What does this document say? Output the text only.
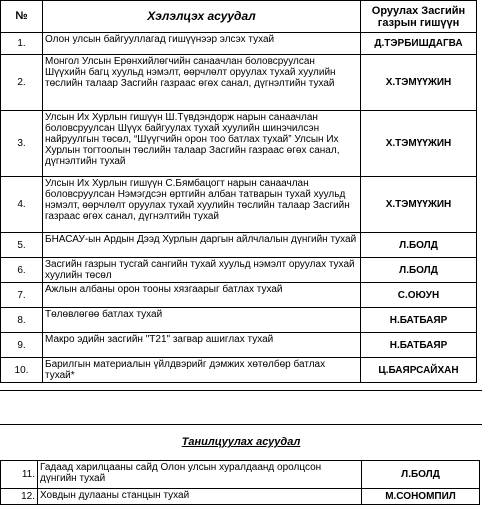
№	Хэлэлцэх асуудал	Оруулах Засгийн газрын гишүүн
1.	Олон улсын байгууллагад гишүүнээр элсэх тухай	Д.ТЭРБИШДАГВА
2.	Монгол Улсын Ерөнхийлөгчийн санаачлан боловсруулсан Шүүхийн багц хуульд нэмэлт, өөрчлөлт оруулах тухай хуулийн төслийн талаар Засгийн газраас өгөх санал, дүгнэлтийн тухай	Х.ТЭМҮҮЖИН
3.	Улсын Их Хурлын гишүүн Ш.Түвдэндорж нарын санаачлан боловсруулсан Шүүх байгуулах тухай хуулийн шинэчилсэн найруулгын төсөл, “Шүүгчийн орон тоо батлах тухай” Улсын Их Хурлын тогтоолын төслийн талаар Засгийн газраас өгөх санал, дүгнэлтийн тухай	Х.ТЭМҮҮЖИН
4.	Улсын Их Хурлын гишүүн С.Бямбацогт нарын санаачлан боловсруулсан Нэмэгдсэн өртгийн албан татварын тухай хуульд нэмэлт, өөрчлөлт оруулах тухай хуулийн төслийн талаар Засгийн газраас өгөх санал, дүгнэлтийн тухай	Х.ТЭМҮҮЖИН
5.	БНАСАУ-ын Ардын Дээд Хурлын даргын айлчлалын дүнгийн тухай	Л.БОЛД
6.	Засгийн газрын тусгай сангийн тухай хуульд нэмэлт оруулах тухай хуулийн төсөл	Л.БОЛД
7.	Ажлын албаны орон тооны хязгаарыг батлах тухай	С.ОЮУН
8.	Төлөвлөгөө батлах тухай	Н.БАТБАЯР
9.	Макро эдийн засгийн "T21" загвар ашиглах тухай	Н.БАТБАЯР
10.	Барилгын материалын үйлдвэрийг дэмжих хөтөлбөр батлах тухай*	Ц.БАЯРСАЙХАН
Танилцуулах асуудал
11.	Гадаад харилцааны сайд Олон улсын хуралдаанд оролцсон дүнгийн тухай	Л.БОЛД
12.	Ховдын дулааны станцын тухай	М.СОНОМПИЛ
